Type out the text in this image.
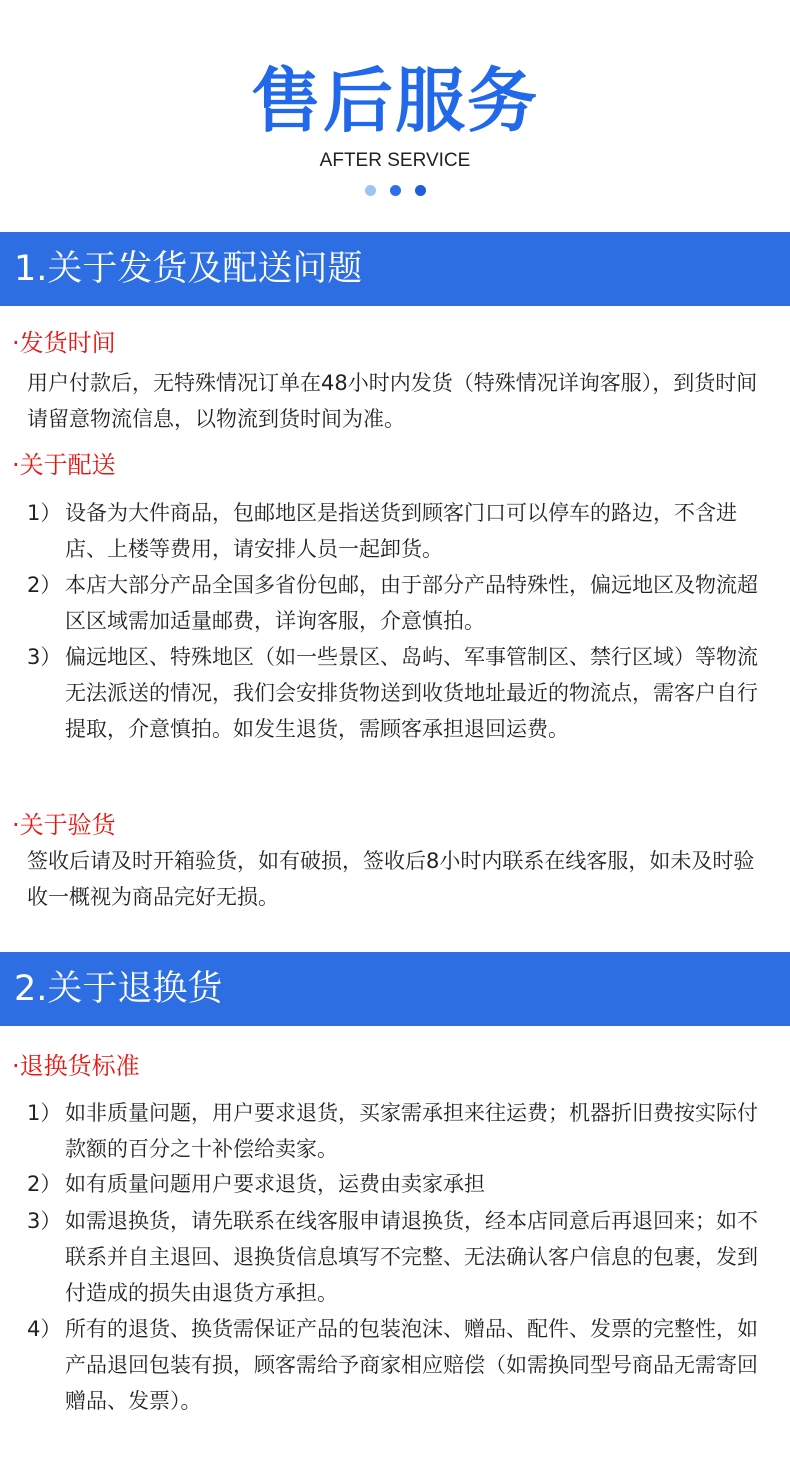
售后服务
AFTER SERVICE
1.关于发货及配送问题
·发货时间
用户付款后，无特殊情况订单在48小时内发货（特殊情况详询客服），到货时间请留意物流信息，以物流到货时间为准。
·关于配送
1） 设备为大件商品，包邮地区是指送货到顾客门口可以停车的路边，不含进店、上楼等费用，请安排人员一起卸货。
2） 本店大部分产品全国多省份包邮，由于部分产品特殊性，偏远地区及物流超区区域需加适量邮费，详询客服，介意慎拍。
3） 偏远地区、特殊地区（如一些景区、岛屿、军事管制区、禁行区域）等物流无法派送的情况，我们会安排货物送到收货地址最近的物流点，需客户自行提取，介意慎拍。如发生退货，需顾客承担退回运费。
·关于验货
签收后请及时开箱验货，如有破损，签收后8小时内联系在线客服，如未及时验收一概视为商品完好无损。
2.关于退换货
·退换货标准
1） 如非质量问题，用户要求退货，买家需承担来往运费；机器折旧费按实际付款额的百分之十补偿给卖家。
2） 如有质量问题用户要求退货，运费由卖家承担
3） 如需退换货，请先联系在线客服申请退换货，经本店同意后再退回来；如不联系并自主退回、退换货信息填写不完整、无法确认客户信息的包裹，发到付造成的损失由退货方承担。
4） 所有的退货、换货需保证产品的包装泡沫、赠品、配件、发票的完整性，如产品退回包装有损，顾客需给予商家相应赔偿（如需换同型号商品无需寄回赠品、发票）。
